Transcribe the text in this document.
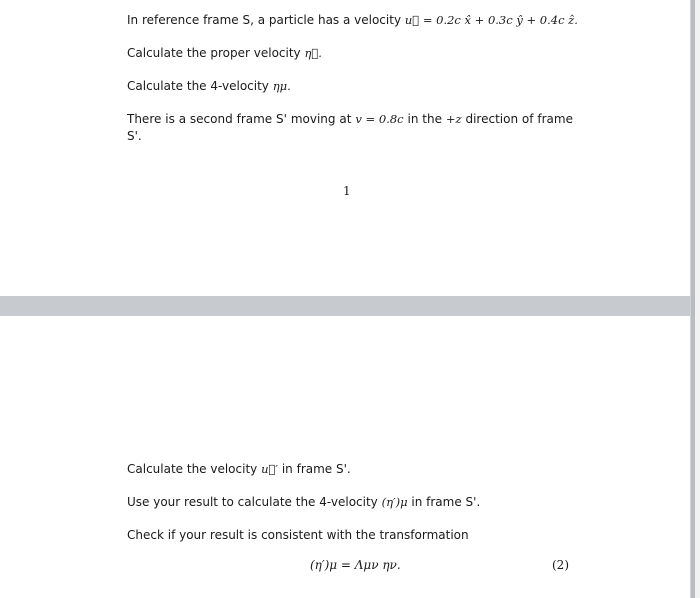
In reference frame S, a particle has a velocity u⃗ = 0.2c x̂ + 0.3c ŷ + 0.4c ẑ.
Calculate the proper velocity η⃗.
Calculate the 4-velocity ημ.
There is a second frame S' moving at v = 0.8c in the +z direction of frame S'.
1
Calculate the velocity u⃗′ in frame S'.
Use your result to calculate the 4-velocity (η′)μ in frame S'.
Check if your result is consistent with the transformation
(η′)μ = Λμν ην.	(2)
